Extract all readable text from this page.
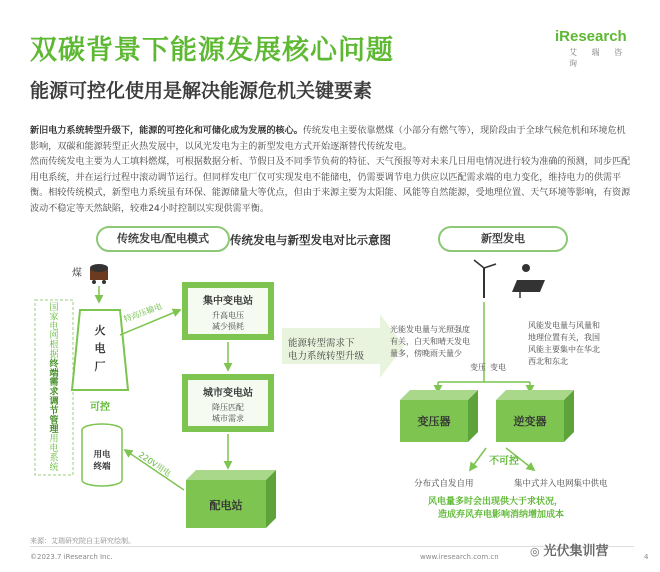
双碳背景下能源发展核心问题
能源可控化使用是解决能源危机关键要素
iResearch
艾 瑞 咨 询
新旧电力系统转型升级下，能源的可控化和可储化成为发展的核心。传统发电主要依靠燃煤（小部分有燃气等），现阶段由于全球气候危机和环境危机影响，双碳和能源转型正火热发展中，以风光发电为主的新型发电方式开始逐渐替代传统发电。
然而传统发电主要为人工填料燃煤，可根据数据分析、节假日及不同季节负荷的特征、天气预报等对未来几日用电情况进行较为准确的预测，同步匹配用电系统，并在运行过程中滚动调节运行。但同样发电厂仅可实现发电不能储电，仍需要调节电力供应以匹配需求端的电力变化，维持电力的供需平衡。相较传统模式，新型电力系统虽有环保、能源储量大等优点，但由于来源主要为太阳能、风能等自然能源，受地理位置、天气环境等影响，有资源波动不稳定等天然缺陷，较难24小时控制以实现供需平衡。
传统发电/配电模式	新型发电
传统发电与新型发电对比示意图
国
家
电
网
根
据
终
端
需
求
调
节
管
理
用
电
系
统
煤
火
电
厂
可控
特高压输电
集中变电站
升高电压
减少损耗
城市变电站
降压匹配
城市需求
配电站
用电
终端	220V用电
能源转型需求下
电力系统转型升级
光能发电量与光照强度
有关，白天和晴天发电
量多，傍晚雨天量少
风能发电量与风量和
地理位置有关，我国
风能主要集中在华北
西北和东北
变压 变电
变压器	逆变器
不可控
分布式自发自用	集中式并入电网集中供电
风电量多时会出现供大于求状况，
造成弃风弃电影响消纳增加成本
来源：艾瑞研究院自主研究绘制。
©2023.7 iResearch Inc.	www.iresearch.com.cn	◎ 光伏集训营	4
